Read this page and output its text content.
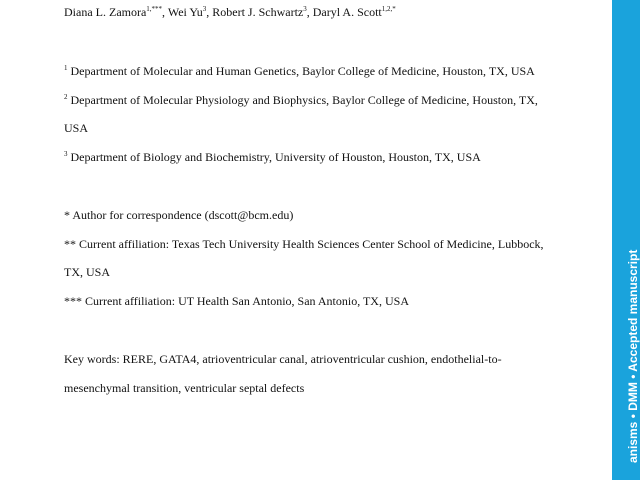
Diana L. Zamora$^{1,***}$, Wei Yu$^3$, Robert J. Schwartz$^3$, Daryl A. Scott$^{1,2,*}$
$^1$ Department of Molecular and Human Genetics, Baylor College of Medicine, Houston, TX, USA
$^2$ Department of Molecular Physiology and Biophysics, Baylor College of Medicine, Houston, TX,
USA
$^3$ Department of Biology and Biochemistry, University of Houston, Houston, TX, USA
* Author for correspondence (dscott@bcm.edu)
** Current affiliation: Texas Tech University Health Sciences Center School of Medicine, Lubbock,
TX, USA
*** Current affiliation: UT Health San Antonio, San Antonio, TX, USA
Key words: RERE, GATA4, atrioventricular canal, atrioventricular cushion, endothelial-to-
mesenchymal transition, ventricular septal defects	anisms • DMM • Accepted manuscript
